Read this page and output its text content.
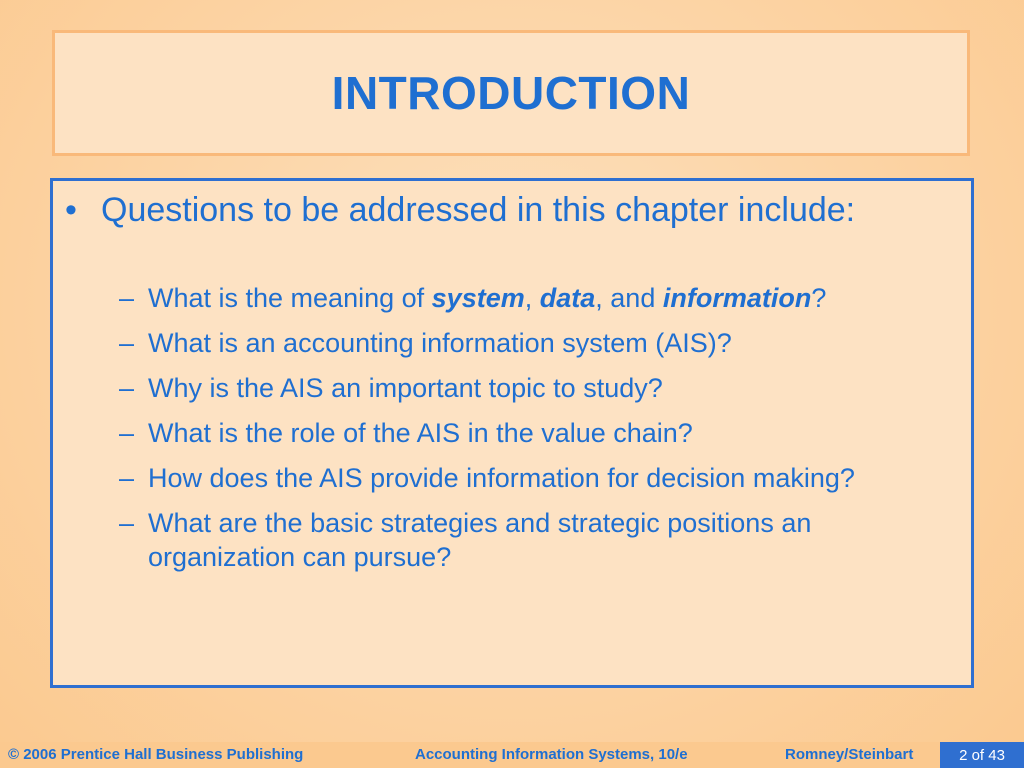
INTRODUCTION
• Questions to be addressed in this chapter include:
– What is the meaning of system, data, and information?
– What is an accounting information system (AIS)?
– Why is the AIS an important topic to study?
– What is the role of the AIS in the value chain?
– How does the AIS provide information for decision making?
– What are the basic strategies and strategic positions an organization can pursue?
© 2006 Prentice Hall Business Publishing	Accounting Information Systems, 10/e	Romney/Steinbart	2 of 43
